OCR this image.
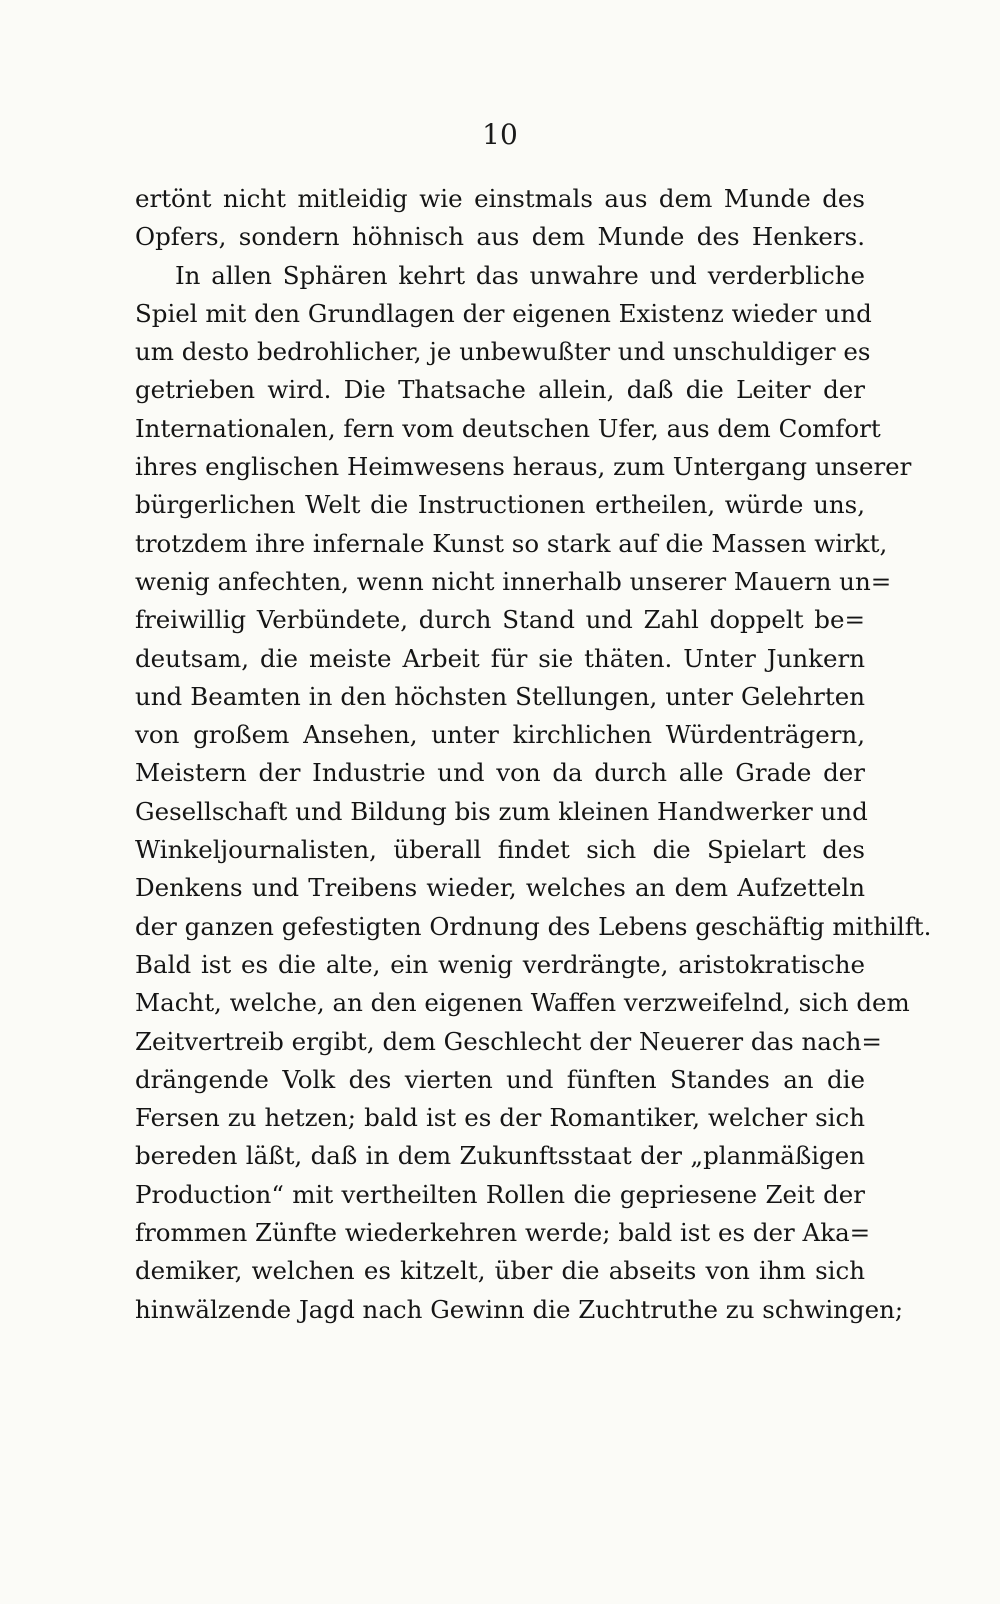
10
ertönt nicht mitleidig wie einstmals aus dem Munde des
Opfers, sondern höhnisch aus dem Munde des Henkers.
In allen Sphären kehrt das unwahre und verderbliche
Spiel mit den Grundlagen der eigenen Existenz wieder und
um desto bedrohlicher, je unbewußter und unschuldiger es
getrieben wird. Die Thatsache allein, daß die Leiter der
Internationalen, fern vom deutschen Ufer, aus dem Comfort
ihres englischen Heimwesens heraus, zum Untergang unserer
bürgerlichen Welt die Instructionen ertheilen, würde uns,
trotzdem ihre infernale Kunst so stark auf die Massen wirkt,
wenig anfechten, wenn nicht innerhalb unserer Mauern un=
freiwillig Verbündete, durch Stand und Zahl doppelt be=
deutsam, die meiste Arbeit für sie thäten. Unter Junkern
und Beamten in den höchsten Stellungen, unter Gelehrten
von großem Ansehen, unter kirchlichen Würdenträgern,
Meistern der Industrie und von da durch alle Grade der
Gesellschaft und Bildung bis zum kleinen Handwerker und
Winkeljournalisten, überall findet sich die Spielart des
Denkens und Treibens wieder, welches an dem Aufzetteln
der ganzen gefestigten Ordnung des Lebens geschäftig mithilft.
Bald ist es die alte, ein wenig verdrängte, aristokratische
Macht, welche, an den eigenen Waffen verzweifelnd, sich dem
Zeitvertreib ergibt, dem Geschlecht der Neuerer das nach=
drängende Volk des vierten und fünften Standes an die
Fersen zu hetzen; bald ist es der Romantiker, welcher sich
bereden läßt, daß in dem Zukunftsstaat der „planmäßigen
Production“ mit vertheilten Rollen die gepriesene Zeit der
frommen Zünfte wiederkehren werde; bald ist es der Aka=
demiker, welchen es kitzelt, über die abseits von ihm sich
hinwälzende Jagd nach Gewinn die Zuchtruthe zu schwingen;
